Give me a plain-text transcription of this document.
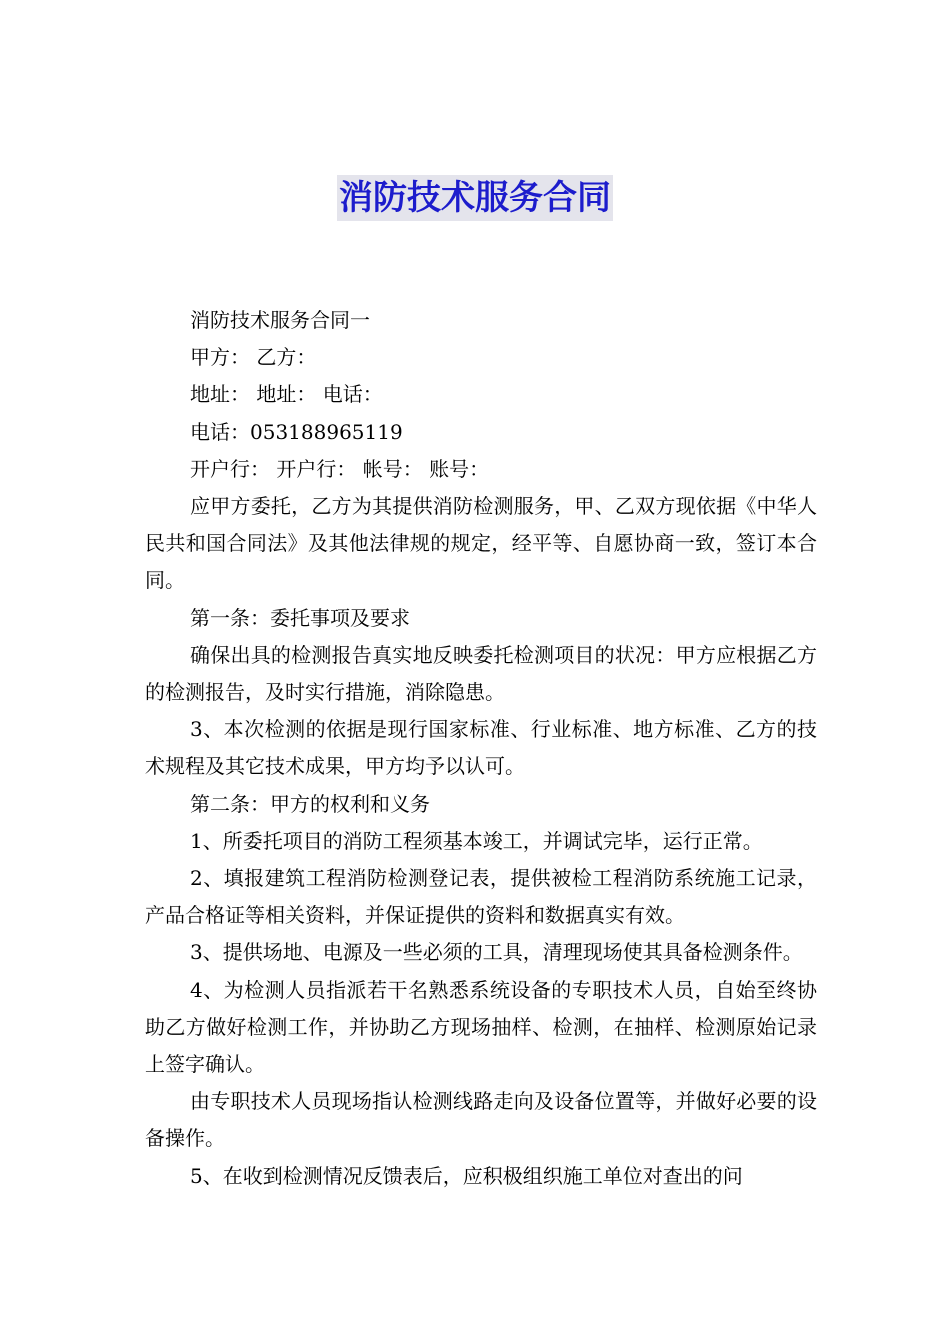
消防技术服务合同

消防技术服务合同一

甲方： 乙方：

地址： 地址： 电话：

电话：053188965119

开户行： 开户行： 帐号： 账号：

应甲方委托，乙方为其提供消防检测服务，甲、乙双方现依据《中华人民共和国合同法》及其他法律规的规定，经平等、自愿协商一致，签订本合同。

第一条：委托事项及要求

确保出具的检测报告真实地反映委托检测项目的状况：甲方应根据乙方的检测报告，及时实行措施，消除隐患。

3、本次检测的依据是现行国家标准、行业标准、地方标准、乙方的技术规程及其它技术成果，甲方均予以认可。

第二条：甲方的权利和义务

1、所委托项目的消防工程须基本竣工，并调试完毕，运行正常。

2、填报建筑工程消防检测登记表，提供被检工程消防系统施工记录，产品合格证等相关资料，并保证提供的资料和数据真实有效。

3、提供场地、电源及一些必须的工具，清理现场使其具备检测条件。

4、为检测人员指派若干名熟悉系统设备的专职技术人员，自始至终协助乙方做好检测工作，并协助乙方现场抽样、检测，在抽样、检测原始记录上签字确认。

由专职技术人员现场指认检测线路走向及设备位置等，并做好必要的设备操作。

5、在收到检测情况反馈表后，应积极组织施工单位对查出的问
